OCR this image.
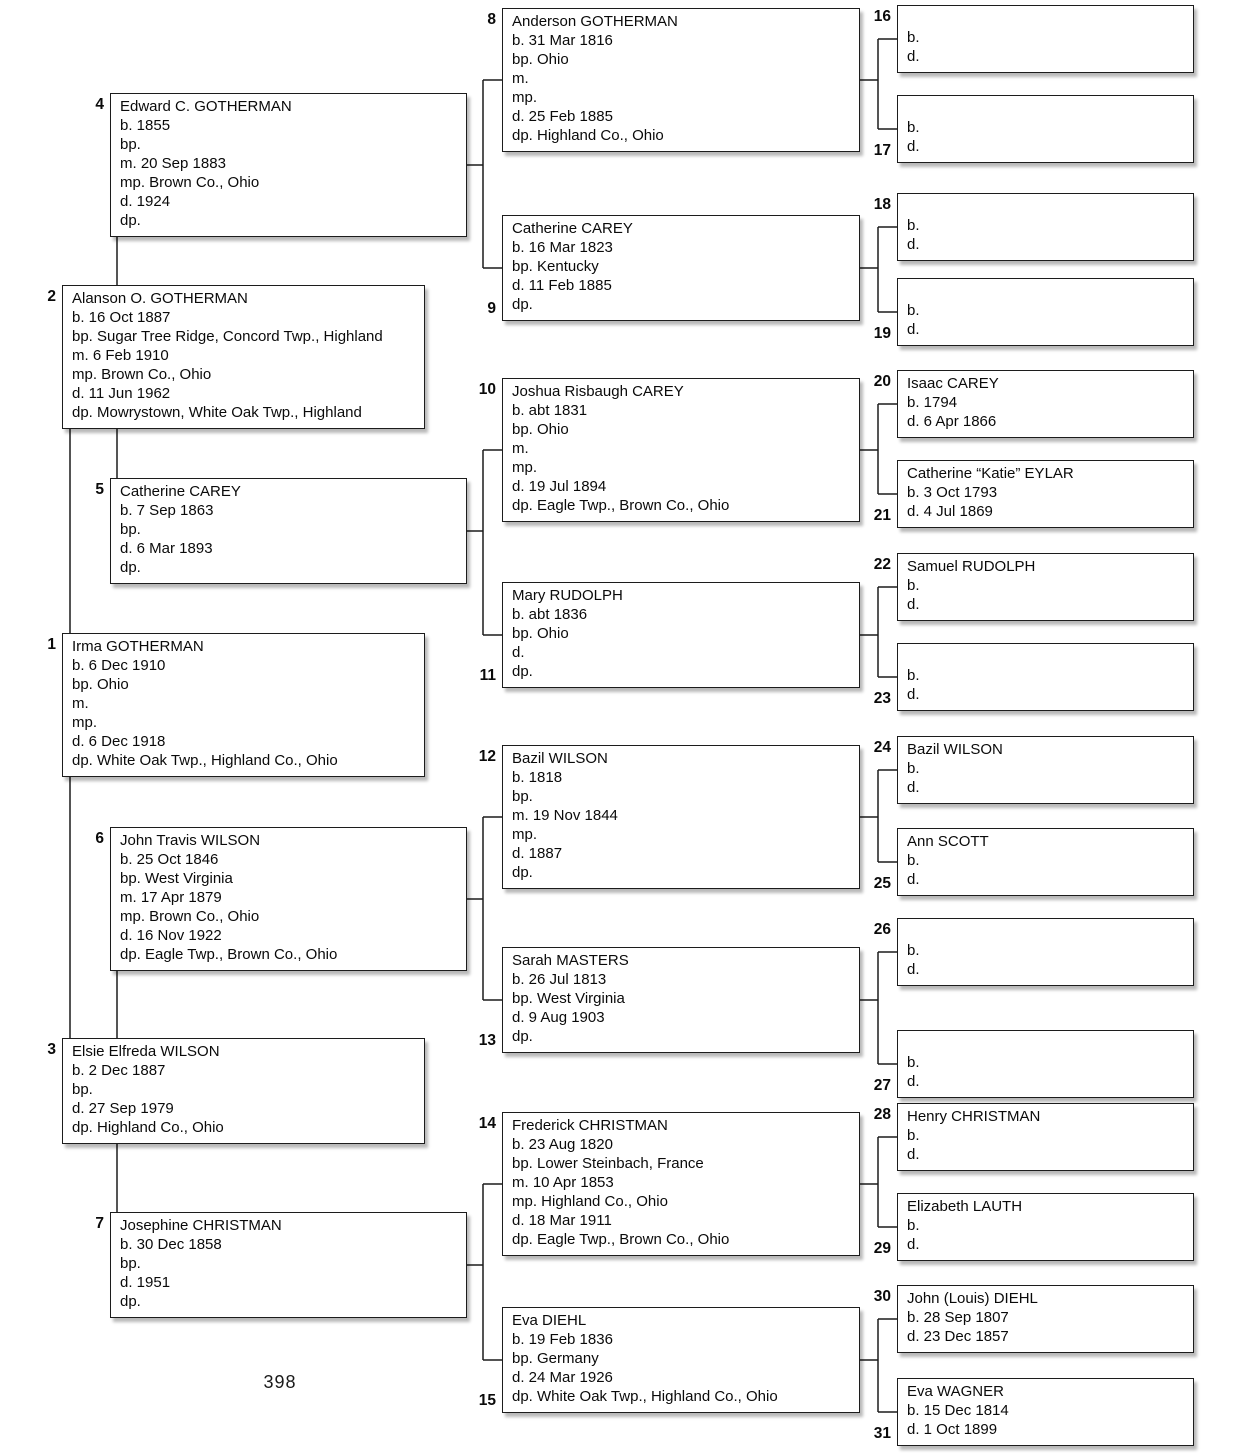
Irma GOTHERMAN
b. 6 Dec 1910
bp. Ohio
m.
mp.
d. 6 Dec 1918
dp. White Oak Twp., Highland Co., Ohio
1
Alanson O. GOTHERMAN
b. 16 Oct 1887
bp. Sugar Tree Ridge, Concord Twp., Highland
m. 6 Feb 1910
mp. Brown Co., Ohio
d. 11 Jun 1962
dp. Mowrystown, White Oak Twp., Highland
2
Elsie Elfreda WILSON
b. 2 Dec 1887
bp.
d. 27 Sep 1979
dp. Highland Co., Ohio
3
Edward C. GOTHERMAN
b. 1855
bp.
m. 20 Sep 1883
mp. Brown Co., Ohio
d. 1924
dp.
4
Catherine CAREY
b. 7 Sep 1863
bp.
d. 6 Mar 1893
dp.
5
John Travis WILSON
b. 25 Oct 1846
bp. West Virginia
m. 17 Apr 1879
mp. Brown Co., Ohio
d. 16 Nov 1922
dp. Eagle Twp., Brown Co., Ohio
6
Josephine CHRISTMAN
b. 30 Dec 1858
bp.
d. 1951
dp.
7
Anderson GOTHERMAN
b. 31 Mar 1816
bp. Ohio
m.
mp.
d. 25 Feb 1885
dp. Highland Co., Ohio
8
Catherine CAREY
b. 16 Mar 1823
bp. Kentucky
d. 11 Feb 1885
dp.
9
Joshua Risbaugh CAREY
b. abt 1831
bp. Ohio
m.
mp.
d. 19 Jul 1894
dp. Eagle Twp., Brown Co., Ohio
10
Mary RUDOLPH
b. abt 1836
bp. Ohio
d.
dp.
11
Bazil WILSON
b. 1818
bp.
m. 19 Nov 1844
mp.
d. 1887
dp.
12
Sarah MASTERS
b. 26 Jul 1813
bp. West Virginia
d. 9 Aug 1903
dp.
13
Frederick CHRISTMAN
b. 23 Aug 1820
bp. Lower Steinbach, France
m. 10 Apr 1853
mp. Highland Co., Ohio
d. 18 Mar 1911
dp. Eagle Twp., Brown Co., Ohio
14
Eva DIEHL
b. 19 Feb 1836
bp. Germany
d. 24 Mar 1926
dp. White Oak Twp., Highland Co., Ohio
15
b.
d.
16
b.
d.
17
b.
d.
18
b.
d.
19
Isaac CAREY
b. 1794
d. 6 Apr 1866
20
Catherine “Katie” EYLAR
b. 3 Oct 1793
d. 4 Jul 1869
21
Samuel RUDOLPH
b.
d.
22
b.
d.
23
Bazil WILSON
b.
d.
24
Ann SCOTT
b.
d.
25
b.
d.
26
b.
d.
27
Henry CHRISTMAN
b.
d.
28
Elizabeth LAUTH
b.
d.
29
John (Louis) DIEHL
b. 28 Sep 1807
d. 23 Dec 1857
30
Eva WAGNER
b. 15 Dec 1814
d. 1 Oct 1899
31
398
